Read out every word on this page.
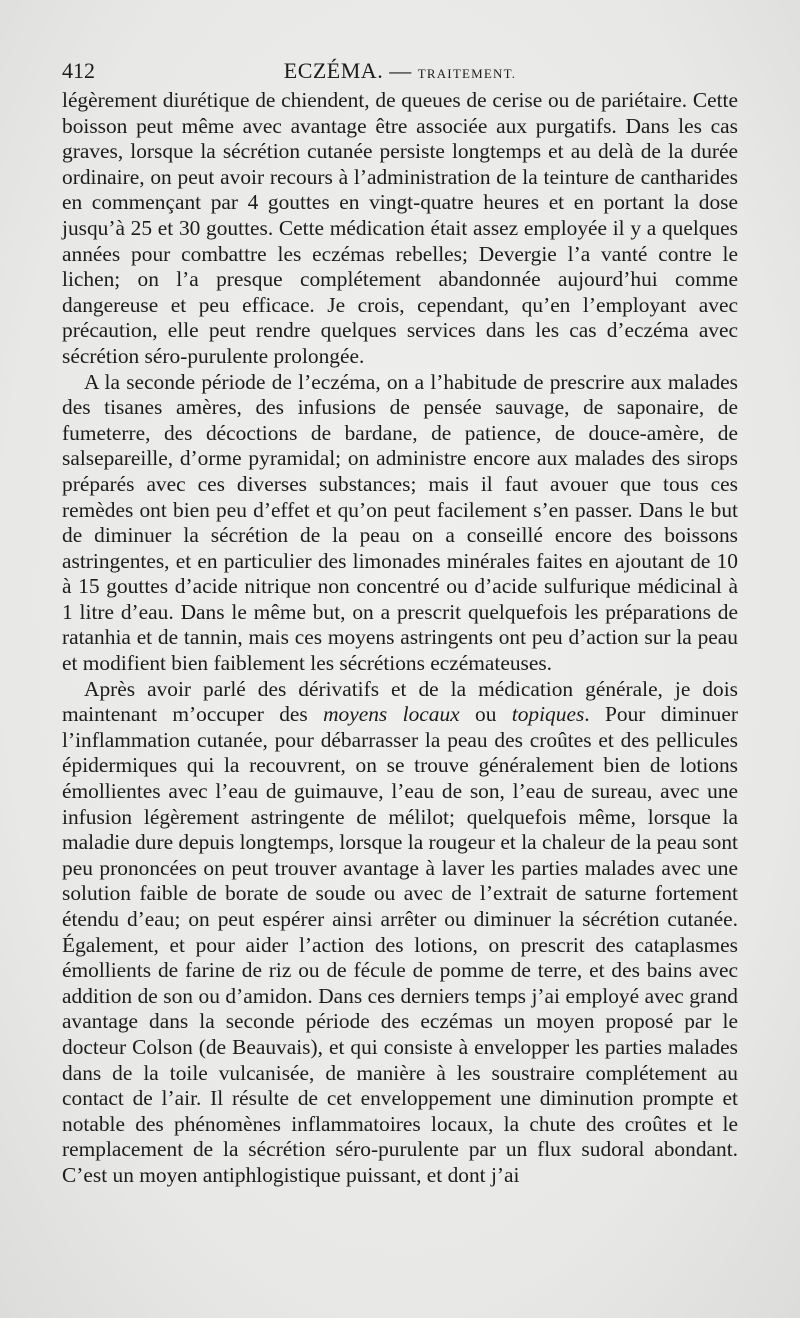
412	ECZÉMA. — TRAITEMENT.

légèrement diurétique de chiendent, de queues de cerise ou de pariétaire. Cette boisson peut même avec avantage être associée aux purgatifs. Dans les cas graves, lorsque la sécrétion cutanée persiste longtemps et au delà de la durée ordinaire, on peut avoir recours à l’administration de la teinture de cantharides en commençant par 4 gouttes en vingt-quatre heures et en portant la dose jusqu’à 25 et 30 gouttes. Cette médication était assez employée il y a quelques années pour combattre les eczémas rebelles; Devergie l’a vanté contre le lichen; on l’a presque complétement abandonnée aujourd’hui comme dangereuse et peu efficace. Je crois, cependant, qu’en l’employant avec précaution, elle peut rendre quelques services dans les cas d’eczéma avec sécrétion séro-purulente prolongée.

A la seconde période de l’eczéma, on a l’habitude de prescrire aux malades des tisanes amères, des infusions de pensée sauvage, de saponaire, de fumeterre, des décoctions de bardane, de patience, de douce-amère, de salsepareille, d’orme pyramidal; on administre encore aux malades des sirops préparés avec ces diverses substances; mais il faut avouer que tous ces remèdes ont bien peu d’effet et qu’on peut facilement s’en passer. Dans le but de diminuer la sécrétion de la peau on a conseillé encore des boissons astringentes, et en particulier des limonades minérales faites en ajoutant de 10 à 15 gouttes d’acide nitrique non concentré ou d’acide sulfurique médicinal à 1 litre d’eau. Dans le même but, on a prescrit quelquefois les préparations de ratanhia et de tannin, mais ces moyens astringents ont peu d’action sur la peau et modifient bien faiblement les sécrétions eczémateuses.

Après avoir parlé des dérivatifs et de la médication générale, je dois maintenant m’occuper des moyens locaux ou topiques. Pour diminuer l’inflammation cutanée, pour débarrasser la peau des croûtes et des pellicules épidermiques qui la recouvrent, on se trouve généralement bien de lotions émollientes avec l’eau de guimauve, l’eau de son, l’eau de sureau, avec une infusion légèrement astringente de mélilot; quelquefois même, lorsque la maladie dure depuis longtemps, lorsque la rougeur et la chaleur de la peau sont peu prononcées on peut trouver avantage à laver les parties malades avec une solution faible de borate de soude ou avec de l’extrait de saturne fortement étendu d’eau; on peut espérer ainsi arrêter ou diminuer la sécrétion cutanée. Également, et pour aider l’action des lotions, on prescrit des cataplasmes émollients de farine de riz ou de fécule de pomme de terre, et des bains avec addition de son ou d’amidon. Dans ces derniers temps j’ai employé avec grand avantage dans la seconde période des eczémas un moyen proposé par le docteur Colson (de Beauvais), et qui consiste à envelopper les parties malades dans de la toile vulcanisée, de manière à les soustraire complétement au contact de l’air. Il résulte de cet enveloppement une diminution prompte et notable des phénomènes inflammatoires locaux, la chute des croûtes et le remplacement de la sécrétion séro-purulente par un flux sudoral abondant. C’est un moyen antiphlogistique puissant, et dont j’ai
